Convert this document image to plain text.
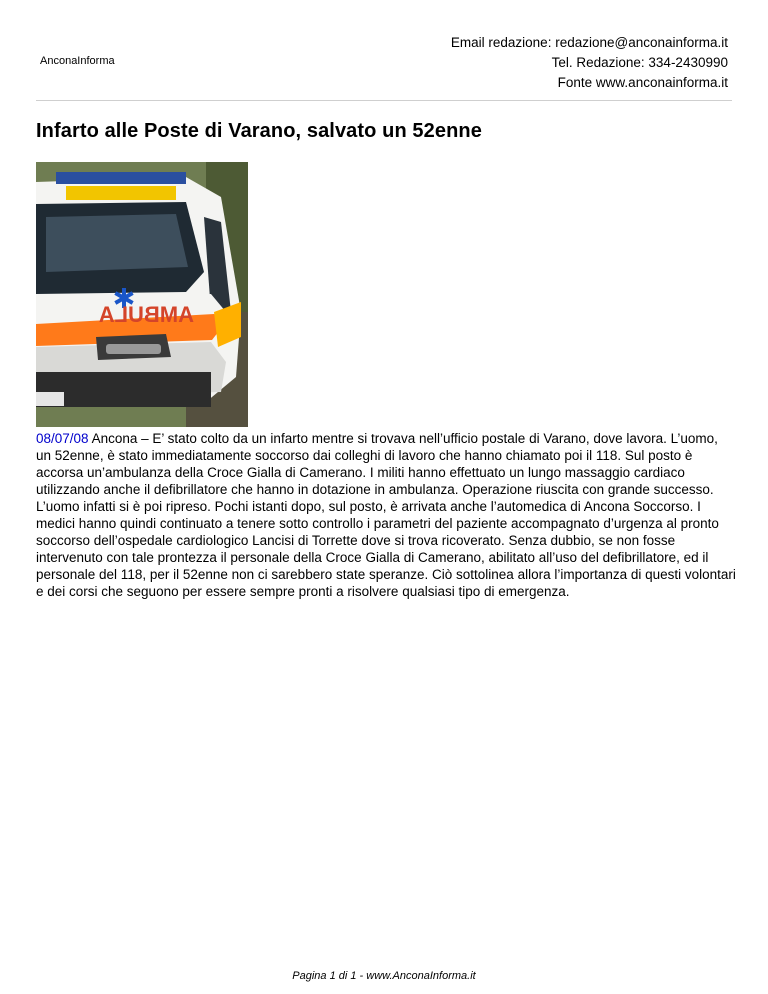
AnconaInforma
Email redazione: redazione@anconainforma.it
Tel. Redazione: 334-2430990
Fonte www.anconainforma.it
Infarto alle Poste di Varano, salvato un 52enne
AMBULA

08/07/08 Ancona – E’ stato colto da un infarto mentre si trovava nell’ufficio postale di Varano, dove lavora. L’uomo, un 52enne, è stato immediatamente soccorso dai colleghi di lavoro che hanno chiamato poi il 118. Sul posto è accorsa un’ambulanza della Croce Gialla di Camerano. I militi hanno effettuato un lungo massaggio cardiaco utilizzando anche il defibrillatore che hanno in dotazione in ambulanza. Operazione riuscita con grande successo. L’uomo infatti si è poi ripreso. Pochi istanti dopo, sul posto, è arrivata anche l’automedica di Ancona Soccorso. I medici hanno quindi continuato a tenere sotto controllo i parametri del paziente accompagnato d’urgenza al pronto soccorso dell’ospedale cardiologico Lancisi di Torrette dove si trova ricoverato. Senza dubbio, se non fosse intervenuto con tale prontezza il personale della Croce Gialla di Camerano, abilitato all’uso del defibrillatore, ed il personale del 118, per il 52enne non ci sarebbero state speranze. Ciò sottolinea allora l’importanza di questi volontari e dei corsi che seguono per essere sempre pronti a risolvere qualsiasi tipo di emergenza.

Pagina 1 di 1 - www.AnconaInforma.it
